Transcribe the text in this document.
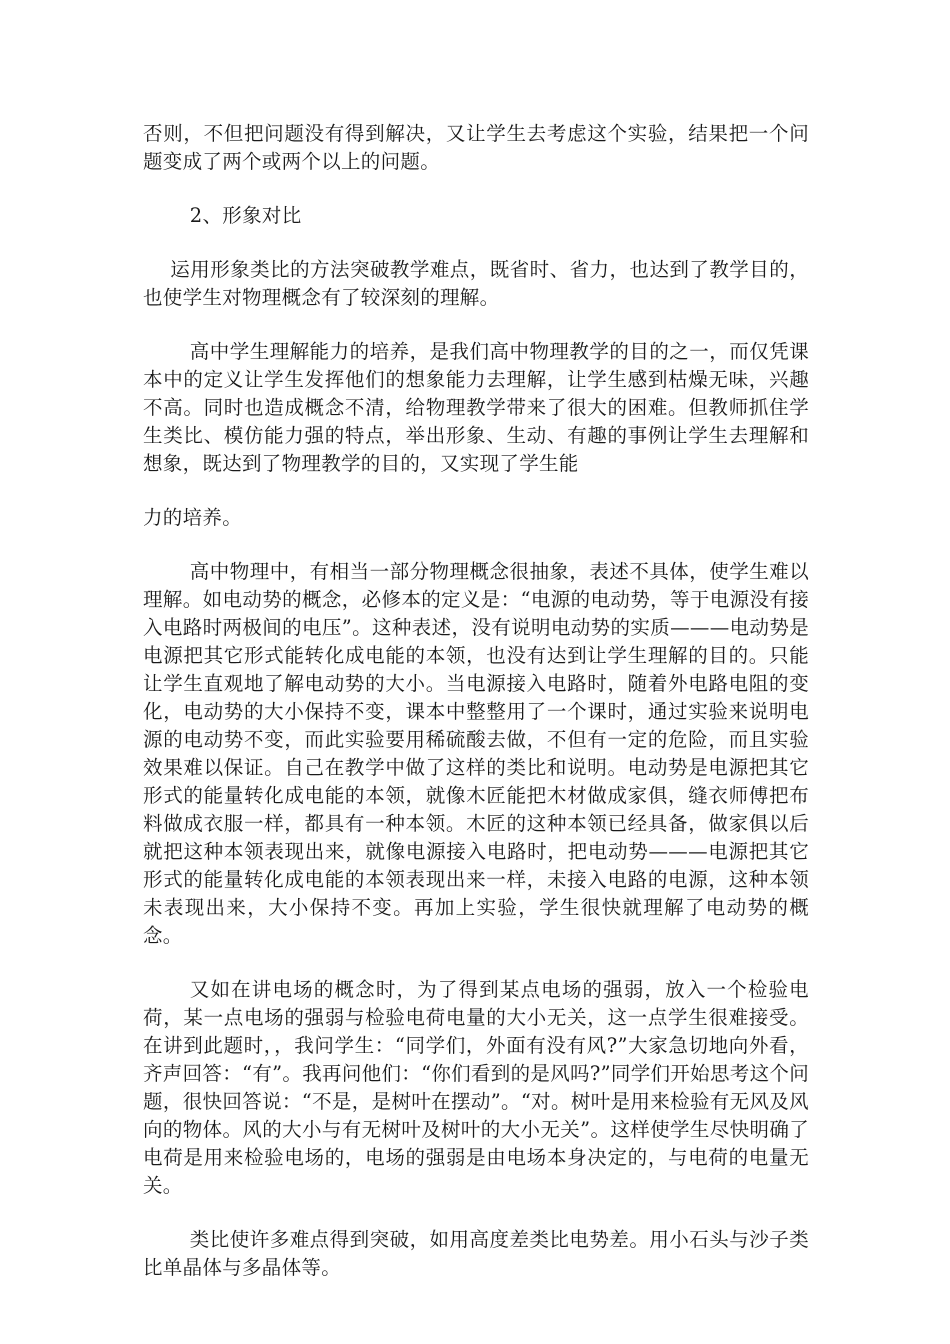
否则，不但把问题没有得到解决，又让学生去考虑这个实验，结果把一个问题变成了两个或两个以上的问题。

2、形象对比

运用形象类比的方法突破教学难点，既省时、省力，也达到了教学目的，也使学生对物理概念有了较深刻的理解。

高中学生理解能力的培养，是我们高中物理教学的目的之一，而仅凭课本中的定义让学生发挥他们的想象能力去理解，让学生感到枯燥无味，兴趣不高。同时也造成概念不清，给物理教学带来了很大的困难。但教师抓住学生类比、模仿能力强的特点，举出形象、生动、有趣的事例让学生去理解和想象，既达到了物理教学的目的，又实现了学生能

力的培养。

高中物理中，有相当一部分物理概念很抽象，表述不具体，使学生难以理解。如电动势的概念，必修本的定义是：“电源的电动势，等于电源没有接入电路时两极间的电压”。这种表述，没有说明电动势的实质———电动势是电源把其它形式能转化成电能的本领，也没有达到让学生理解的目的。只能让学生直观地了解电动势的大小。当电源接入电路时，随着外电路电阻的变化，电动势的大小保持不变，课本中整整用了一个课时，通过实验来说明电源的电动势不变，而此实验要用稀硫酸去做，不但有一定的危险，而且实验效果难以保证。自己在教学中做了这样的类比和说明。电动势是电源把其它形式的能量转化成电能的本领，就像木匠能把木材做成家俱，缝衣师傅把布料做成衣服一样，都具有一种本领。木匠的这种本领已经具备，做家俱以后就把这种本领表现出来，就像电源接入电路时，把电动势———电源把其它形式的能量转化成电能的本领表现出来一样，未接入电路的电源，这种本领未表现出来，大小保持不变。再加上实验，学生很快就理解了电动势的概念。

又如在讲电场的概念时，为了得到某点电场的强弱，放入一个检验电荷，某一点电场的强弱与检验电荷电量的大小无关，这一点学生很难接受。在讲到此题时，，我问学生：“同学们，外面有没有风?”大家急切地向外看，齐声回答：“有”。我再问他们：“你们看到的是风吗?”同学们开始思考这个问题，很快回答说：“不是，是树叶在摆动”。“对。树叶是用来检验有无风及风向的物体。风的大小与有无树叶及树叶的大小无关”。这样使学生尽快明确了电荷是用来检验电场的，电场的强弱是由电场本身决定的，与电荷的电量无关。

类比使许多难点得到突破，如用高度差类比电势差。用小石头与沙子类比单晶体与多晶体等。
